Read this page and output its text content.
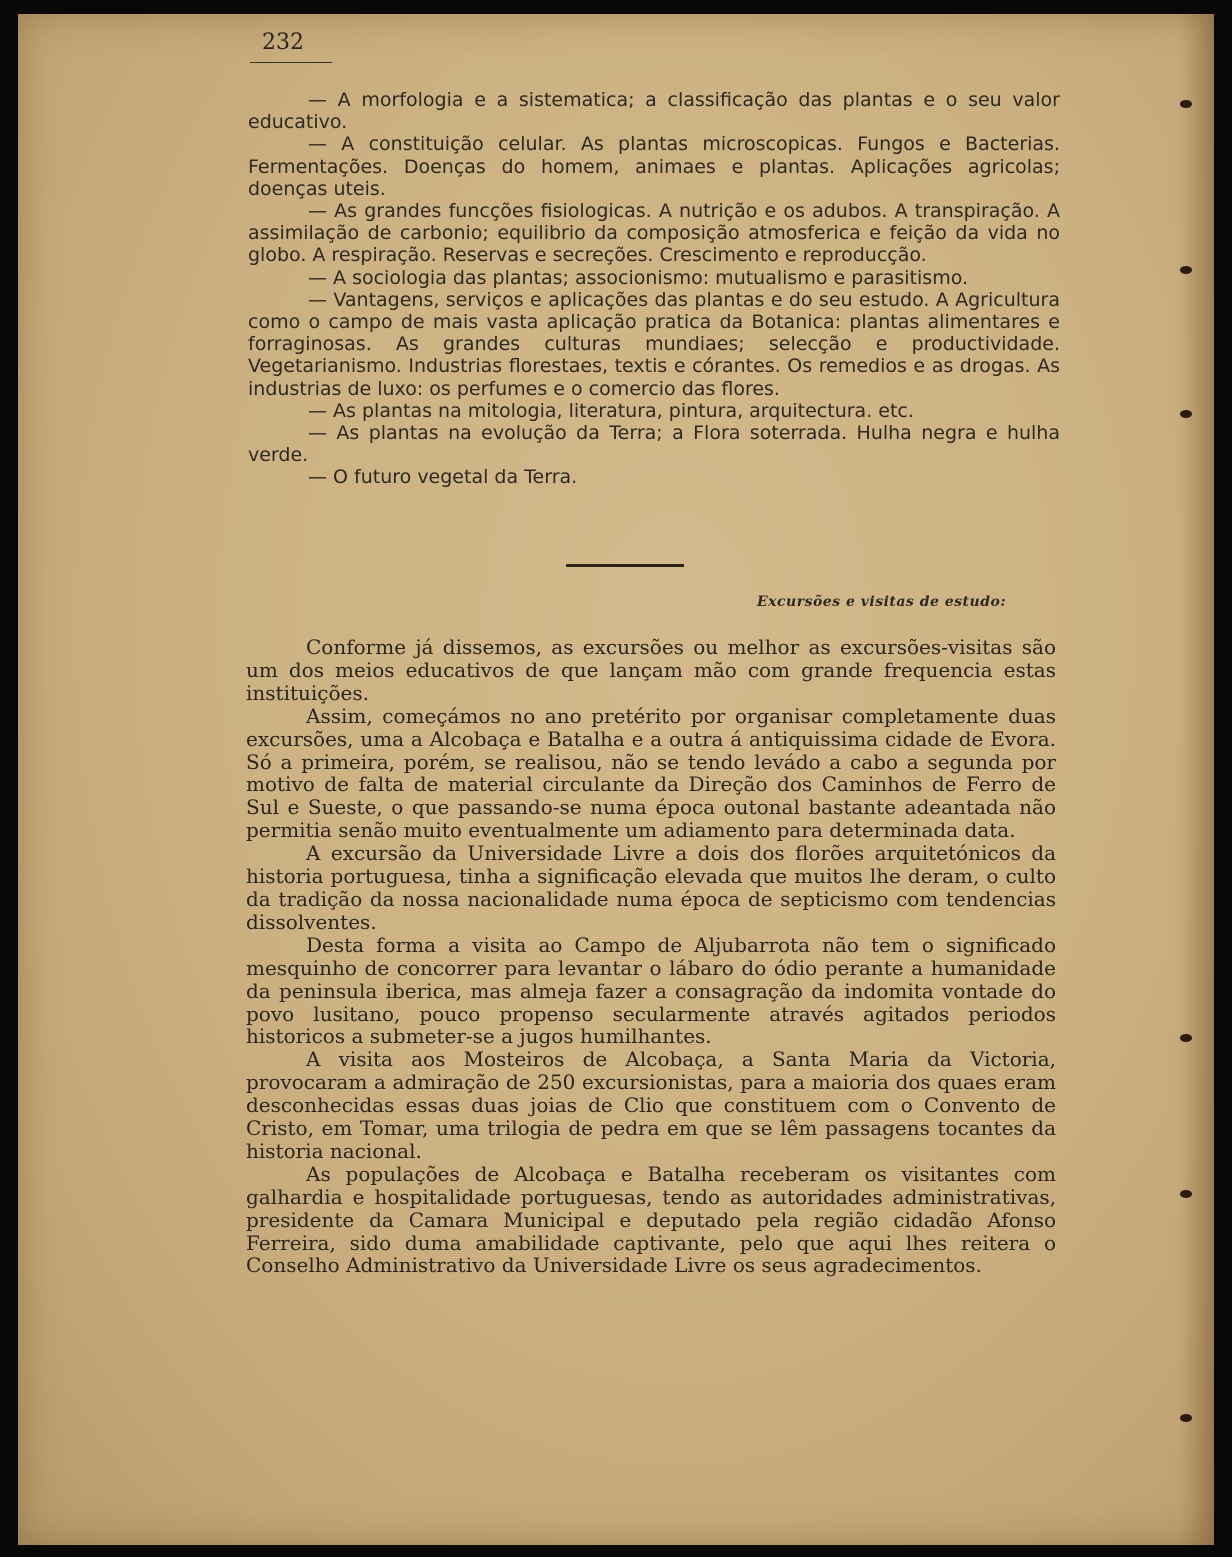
232

— A morfologia e a sistematica; a classificação das plantas e o seu valor educativo.

— A constituição celular. As plantas microscopicas. Fungos e Bacterias. Fermentações. Doenças do homem, animaes e plantas. Aplicações agricolas; doenças uteis.

— As grandes funcções fisiologicas. A nutrição e os adubos. A transpiração. A assimilação de carbonio; equilibrio da composição atmosferica e feição da vida no globo. A respiração. Reservas e secreções. Crescimento e reproducção.

— A sociologia das plantas; associonismo: mutualismo e parasitismo.

— Vantagens, serviços e aplicações das plantas e do seu estudo. A Agricultura como o campo de mais vasta aplicação pratica da Botanica: plantas alimentares e forraginosas. As grandes culturas mundiaes; selecção e productividade. Vegetarianismo. Industrias florestaes, textis e córantes. Os remedios e as drogas. As industrias de luxo: os perfumes e o comercio das flores.

— As plantas na mitologia, literatura, pintura, arquitectura. etc.

— As plantas na evolução da Terra; a Flora soterrada. Hulha negra e hulha verde.

— O futuro vegetal da Terra.

Excursões e visitas de estudo:

Conforme já dissemos, as excursões ou melhor as excursões-visitas são um dos meios educativos de que lançam mão com grande frequencia estas instituições.

Assim, começámos no ano pretérito por organisar completamente duas excursões, uma a Alcobaça e Batalha e a outra á antiquissima cidade de Evora. Só a primeira, porém, se realisou, não se tendo levádo a cabo a segunda por motivo de falta de material circulante da Direção dos Caminhos de Ferro de Sul e Sueste, o que passando-se numa época outonal bastante adeantada não permitia senão muito eventualmente um adiamento para determinada data.

A excursão da Universidade Livre a dois dos florões arquitetónicos da historia portuguesa, tinha a significação elevada que muitos lhe deram, o culto da tradição da nossa nacionalidade numa época de septicismo com tendencias dissolventes.

Desta forma a visita ao Campo de Aljubarrota não tem o significado mesquinho de concorrer para levantar o lábaro do ódio perante a humanidade da peninsula iberica, mas almeja fazer a consagração da indomita vontade do povo lusitano, pouco propenso secularmente através agitados periodos historicos a submeter-se a jugos humilhantes.

A visita aos Mosteiros de Alcobaça, a Santa Maria da Victoria, provocaram a admiração de 250 excursionistas, para a maioria dos quaes eram desconhecidas essas duas joias de Clio que constituem com o Convento de Cristo, em Tomar, uma trilogia de pedra em que se lêm passagens tocantes da historia nacional.

As populações de Alcobaça e Batalha receberam os visitantes com galhardia e hospitalidade portuguesas, tendo as autoridades administrativas, presidente da Camara Municipal e deputado pela região cidadão Afonso Ferreira, sido duma amabilidade captivante, pelo que aqui lhes reitera o Conselho Administrativo da Universidade Livre os seus agradecimentos.
